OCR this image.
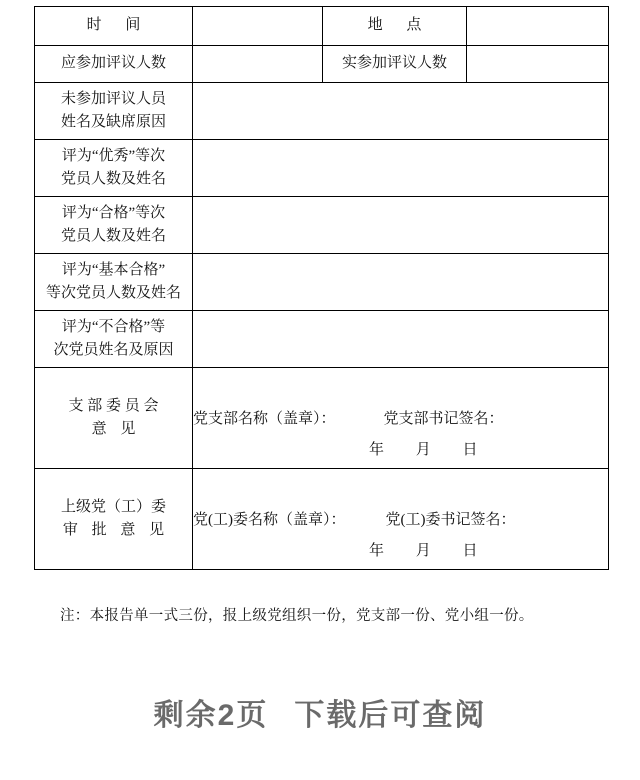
时 间		地 点	
应参加评议人数		实参加评议人数	

未参加评议人员
姓名及缺席原因			

评为“优秀”等次
党员人数及姓名			

评为“合格”等次
党员人数及姓名			

评为“基本合格”
等次党员人数及姓名			

评为“不合格”等
次党员姓名及原因			

支 部 委 员 会
意 见

党支部名称（盖章）：	党支部书记签名：
年 月 日

上级党（工）委
审 批 意 见

党(工)委名称（盖章）：	党(工)委书记签名：
年 月 日
注：本报告单一式三份，报上级党组织一份，党支部一份、党小组一份。
剩余2页 下载后可查阅
